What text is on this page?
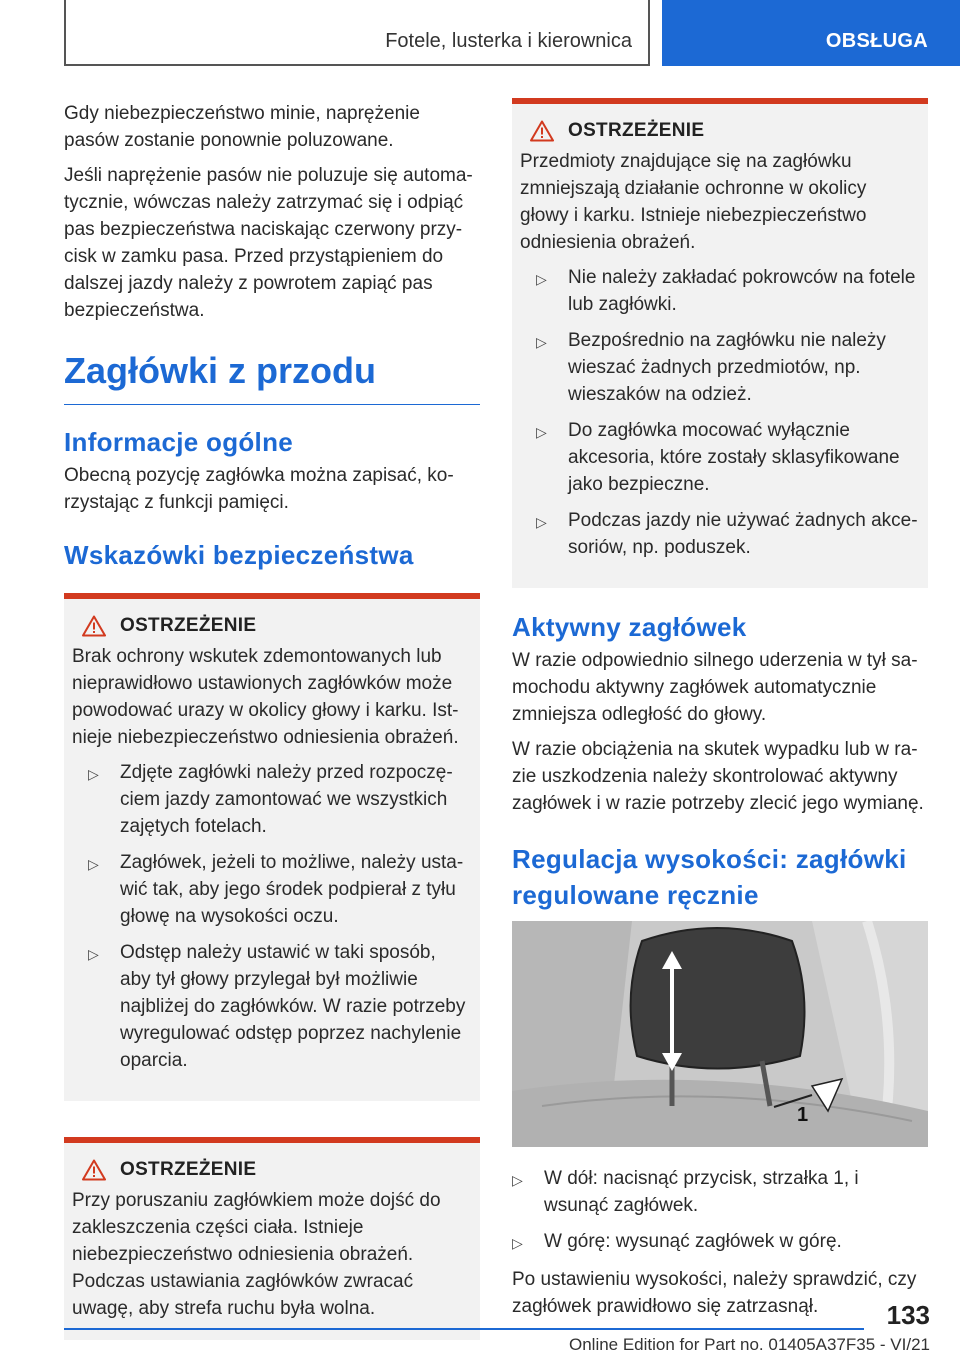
Fotele, lusterka i kierownica	OBSŁUGA

Gdy niebezpieczeństwo minie, naprężenie pasów zostanie ponownie poluzowane.

Jeśli naprężenie pasów nie poluzuje się automatycznie, wówczas należy zatrzymać się i odpiąć pas bezpieczeństwa naciskając czerwony przycisk w zamku pasa. Przed przystąpieniem do dalszej jazdy należy z powrotem zapiąć pas bezpieczeństwa.

Zagłówki z przodu
Informacje ogólne

Obecną pozycję zagłówka można zapisać, korzystając z funkcji pamięci.

Wskazówki bezpieczeństwa
OSTRZEŻENIE

Brak ochrony wskutek zdemontowanych lub nieprawidłowo ustawionych zagłówków może powodować urazy w okolicy głowy i karku. Istnieje niebezpieczeństwo odniesienia obrażeń.

▷	Zdjęte zagłówki należy przed rozpoczęciem jazdy zamontować we wszystkich zajętych fotelach.
▷	Zagłówek, jeżeli to możliwe, należy ustawić tak, aby jego środek podpierał z tyłu głowę na wysokości oczu.
▷	Odstęp należy ustawić w taki sposób, aby tył głowy przylegał był możliwie najbliżej do zagłówków. W razie potrzeby wyregulować odstęp poprzez nachylenie oparcia.
OSTRZEŻENIE

Przy poruszaniu zagłówkiem może dojść do zakleszczenia części ciała. Istnieje niebezpieczeństwo odniesienia obrażeń. Podczas ustawiania zagłówków zwracać uwagę, aby strefa ruchu była wolna.

OSTRZEŻENIE

Przedmioty znajdujące się na zagłówku zmniejszają działanie ochronne w okolicy głowy i karku. Istnieje niebezpieczeństwo odniesienia obrażeń.

▷	Nie należy zakładać pokrowców na fotele lub zagłówki.
▷	Bezpośrednio na zagłówku nie należy wieszać żadnych przedmiotów, np. wieszaków na odzież.
▷	Do zagłówka mocować wyłącznie akcesoria, które zostały sklasyfikowane jako bezpieczne.
▷	Podczas jazdy nie używać żadnych akcesoriów, np. poduszek.
Aktywny zagłówek

W razie odpowiednio silnego uderzenia w tył samochodu aktywny zagłówek automatycznie zmniejsza odległość do głowy.

W razie obciążenia na skutek wypadku lub w razie uszkodzenia należy skontrolować aktywny zagłówek i w razie potrzeby zlecić jego wymianę.

Regulacja wysokości: zagłówki regulowane ręcznie
1
▷	W dół: nacisnąć przycisk, strzałka 1, i wsunąć zagłówek.
▷	W górę: wysunąć zagłówek w górę.

Po ustawieniu wysokości, należy sprawdzić, czy zagłówek prawidłowo się zatrzasnął.	133
Online Edition for Part no. 01405A37F35 - VI/21
